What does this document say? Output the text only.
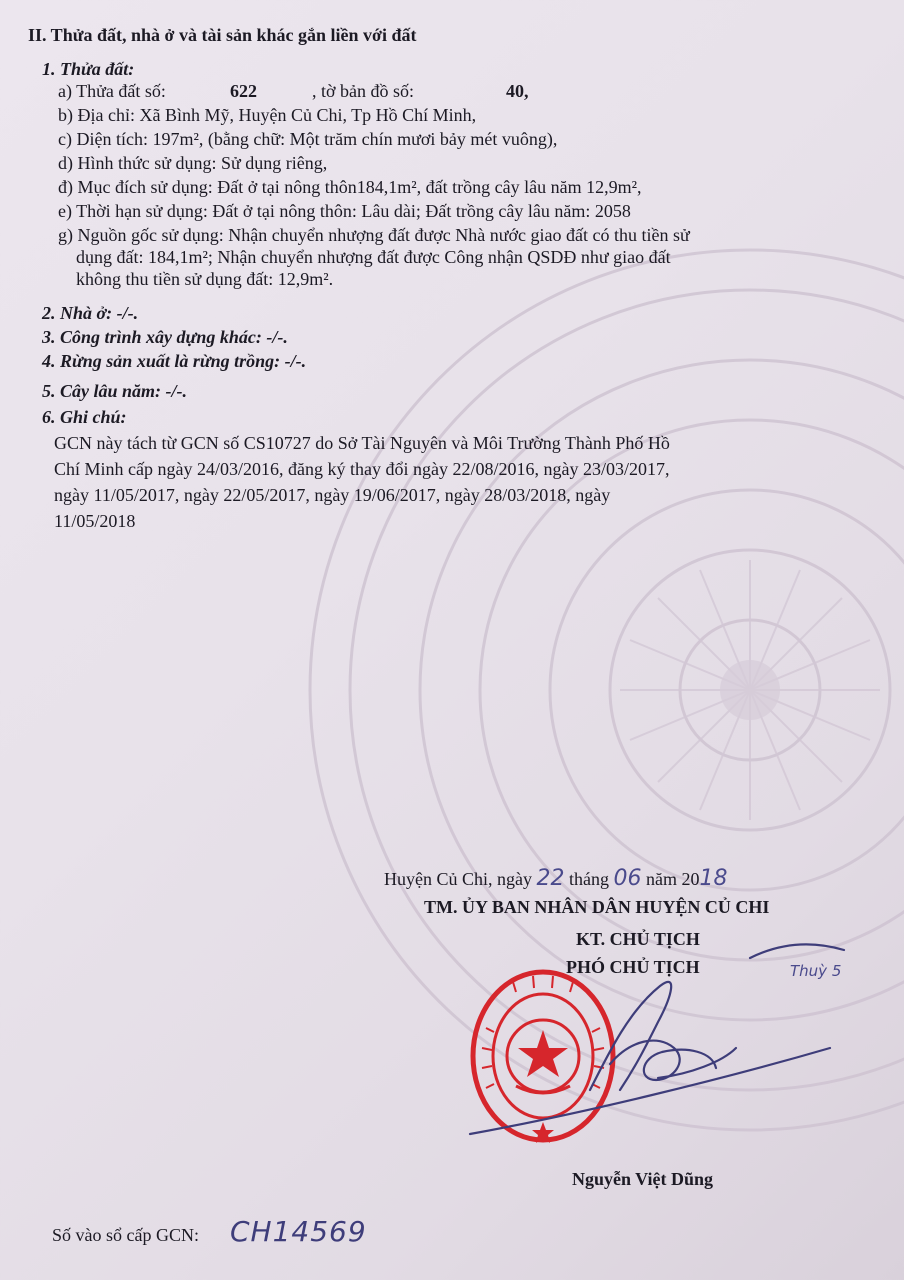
II. Thửa đất, nhà ở và tài sản khác gắn liền với đất
1. Thửa đất:
a) Thửa đất số:	622	, tờ bản đồ số:	40,
b) Địa chỉ: Xã Bình Mỹ, Huyện Củ Chi, Tp Hồ Chí Minh,
c) Diện tích: 197m², (bằng chữ: Một trăm chín mươi bảy mét vuông),
d) Hình thức sử dụng: Sử dụng riêng,
đ) Mục đích sử dụng: Đất ở tại nông thôn184,1m², đất trồng cây lâu năm 12,9m²,
e) Thời hạn sử dụng: Đất ở tại nông thôn: Lâu dài; Đất trồng cây lâu năm: 2058
g) Nguồn gốc sử dụng: Nhận chuyển nhượng đất được Nhà nước giao đất có thu tiền sử
dụng đất: 184,1m²; Nhận chuyển nhượng đất được Công nhận QSDĐ như giao đất
không thu tiền sử dụng đất: 12,9m².
2. Nhà ở: -/-.
3. Công trình xây dựng khác: -/-.
4. Rừng sản xuất là rừng trồng: -/-.
5. Cây lâu năm: -/-.
6. Ghi chú:
GCN này tách từ GCN số CS10727 do Sở Tài Nguyên và Môi Trường Thành Phố Hồ
Chí Minh cấp ngày 24/03/2016, đăng ký thay đổi ngày 22/08/2016, ngày 23/03/2017,
ngày 11/05/2017, ngày 22/05/2017, ngày 19/06/2017, ngày 28/03/2018, ngày
11/05/2018
Huyện Củ Chi, ngày 22 tháng 06 năm 2018
TM. ỦY BAN NHÂN DÂN HUYỆN CỦ CHI
KT. CHỦ TỊCH
PHÓ CHỦ TỊCH	Thuỳ 5
Nguyễn Việt Dũng
Số vào sổ cấp GCN: CH14569
